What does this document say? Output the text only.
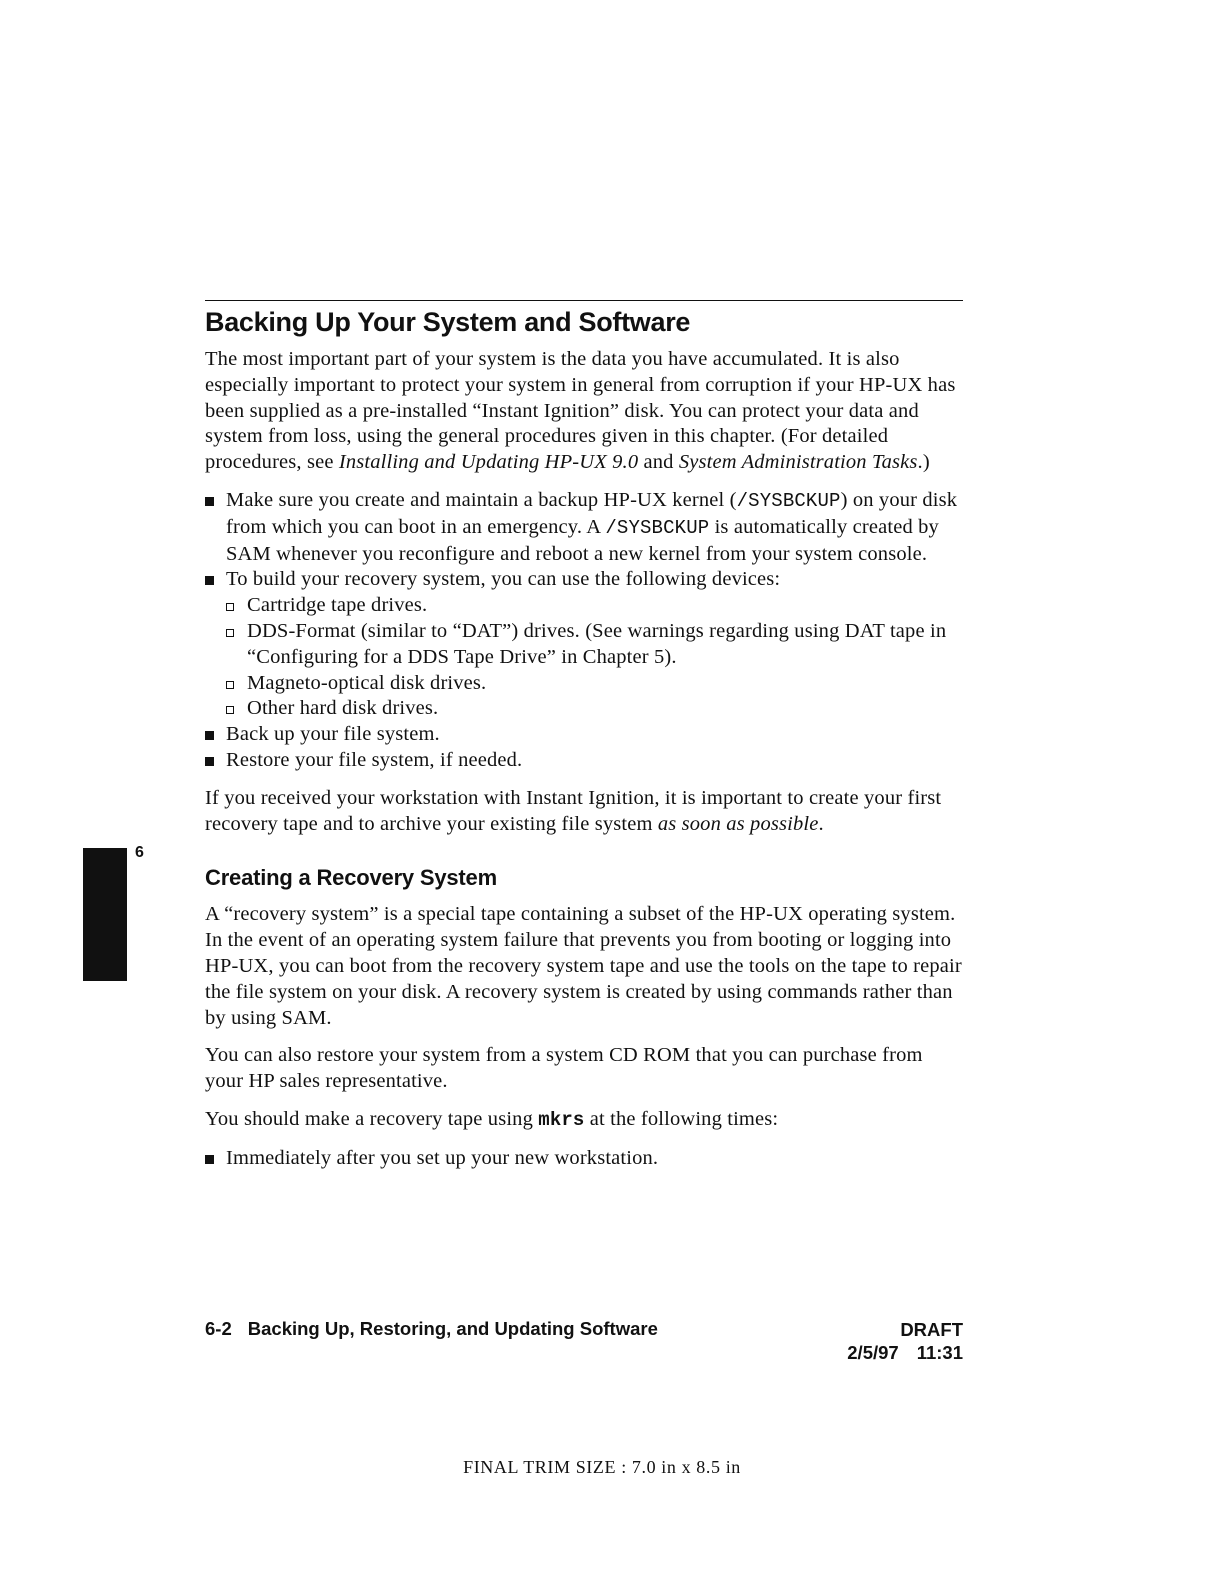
6
Backing Up Your System and Software

The most important part of your system is the data you have accumulated. It is also especially important to protect your system in general from corruption if your HP-UX has been supplied as a pre-installed “Instant Ignition” disk. You can protect your data and system from loss, using the general procedures given in this chapter. (For detailed procedures, see Installing and Updating HP-UX 9.0 and System Administration Tasks.)

Make sure you create and maintain a backup HP-UX kernel (/SYSBCKUP) on your disk from which you can boot in an emergency. A /SYSBCKUP is automatically created by SAM whenever you reconfigure and reboot a new kernel from your system console.
To build your recovery system, you can use the following devices:
Cartridge tape drives.
DDS-Format (similar to “DAT”) drives. (See warnings regarding using DAT tape in “Configuring for a DDS Tape Drive” in Chapter 5).
Magneto-optical disk drives.
Other hard disk drives.
Back up your file system.
Restore your file system, if needed.

If you received your workstation with Instant Ignition, it is important to create your first recovery tape and to archive your existing file system as soon as possible.

Creating a Recovery System

A “recovery system” is a special tape containing a subset of the HP-UX operating system. In the event of an operating system failure that prevents you from booting or logging into HP-UX, you can boot from the recovery system tape and use the tools on the tape to repair the file system on your disk. A recovery system is created by using commands rather than by using SAM.

You can also restore your system from a system CD ROM that you can purchase from your HP sales representative.

You should make a recovery tape using mkrs at the following times:

Immediately after you set up your new workstation.
6-2 Backing Up, Restoring, and Updating Software	DRAFT
2/5/97 11:31
FINAL TRIM SIZE : 7.0 in x 8.5 in
